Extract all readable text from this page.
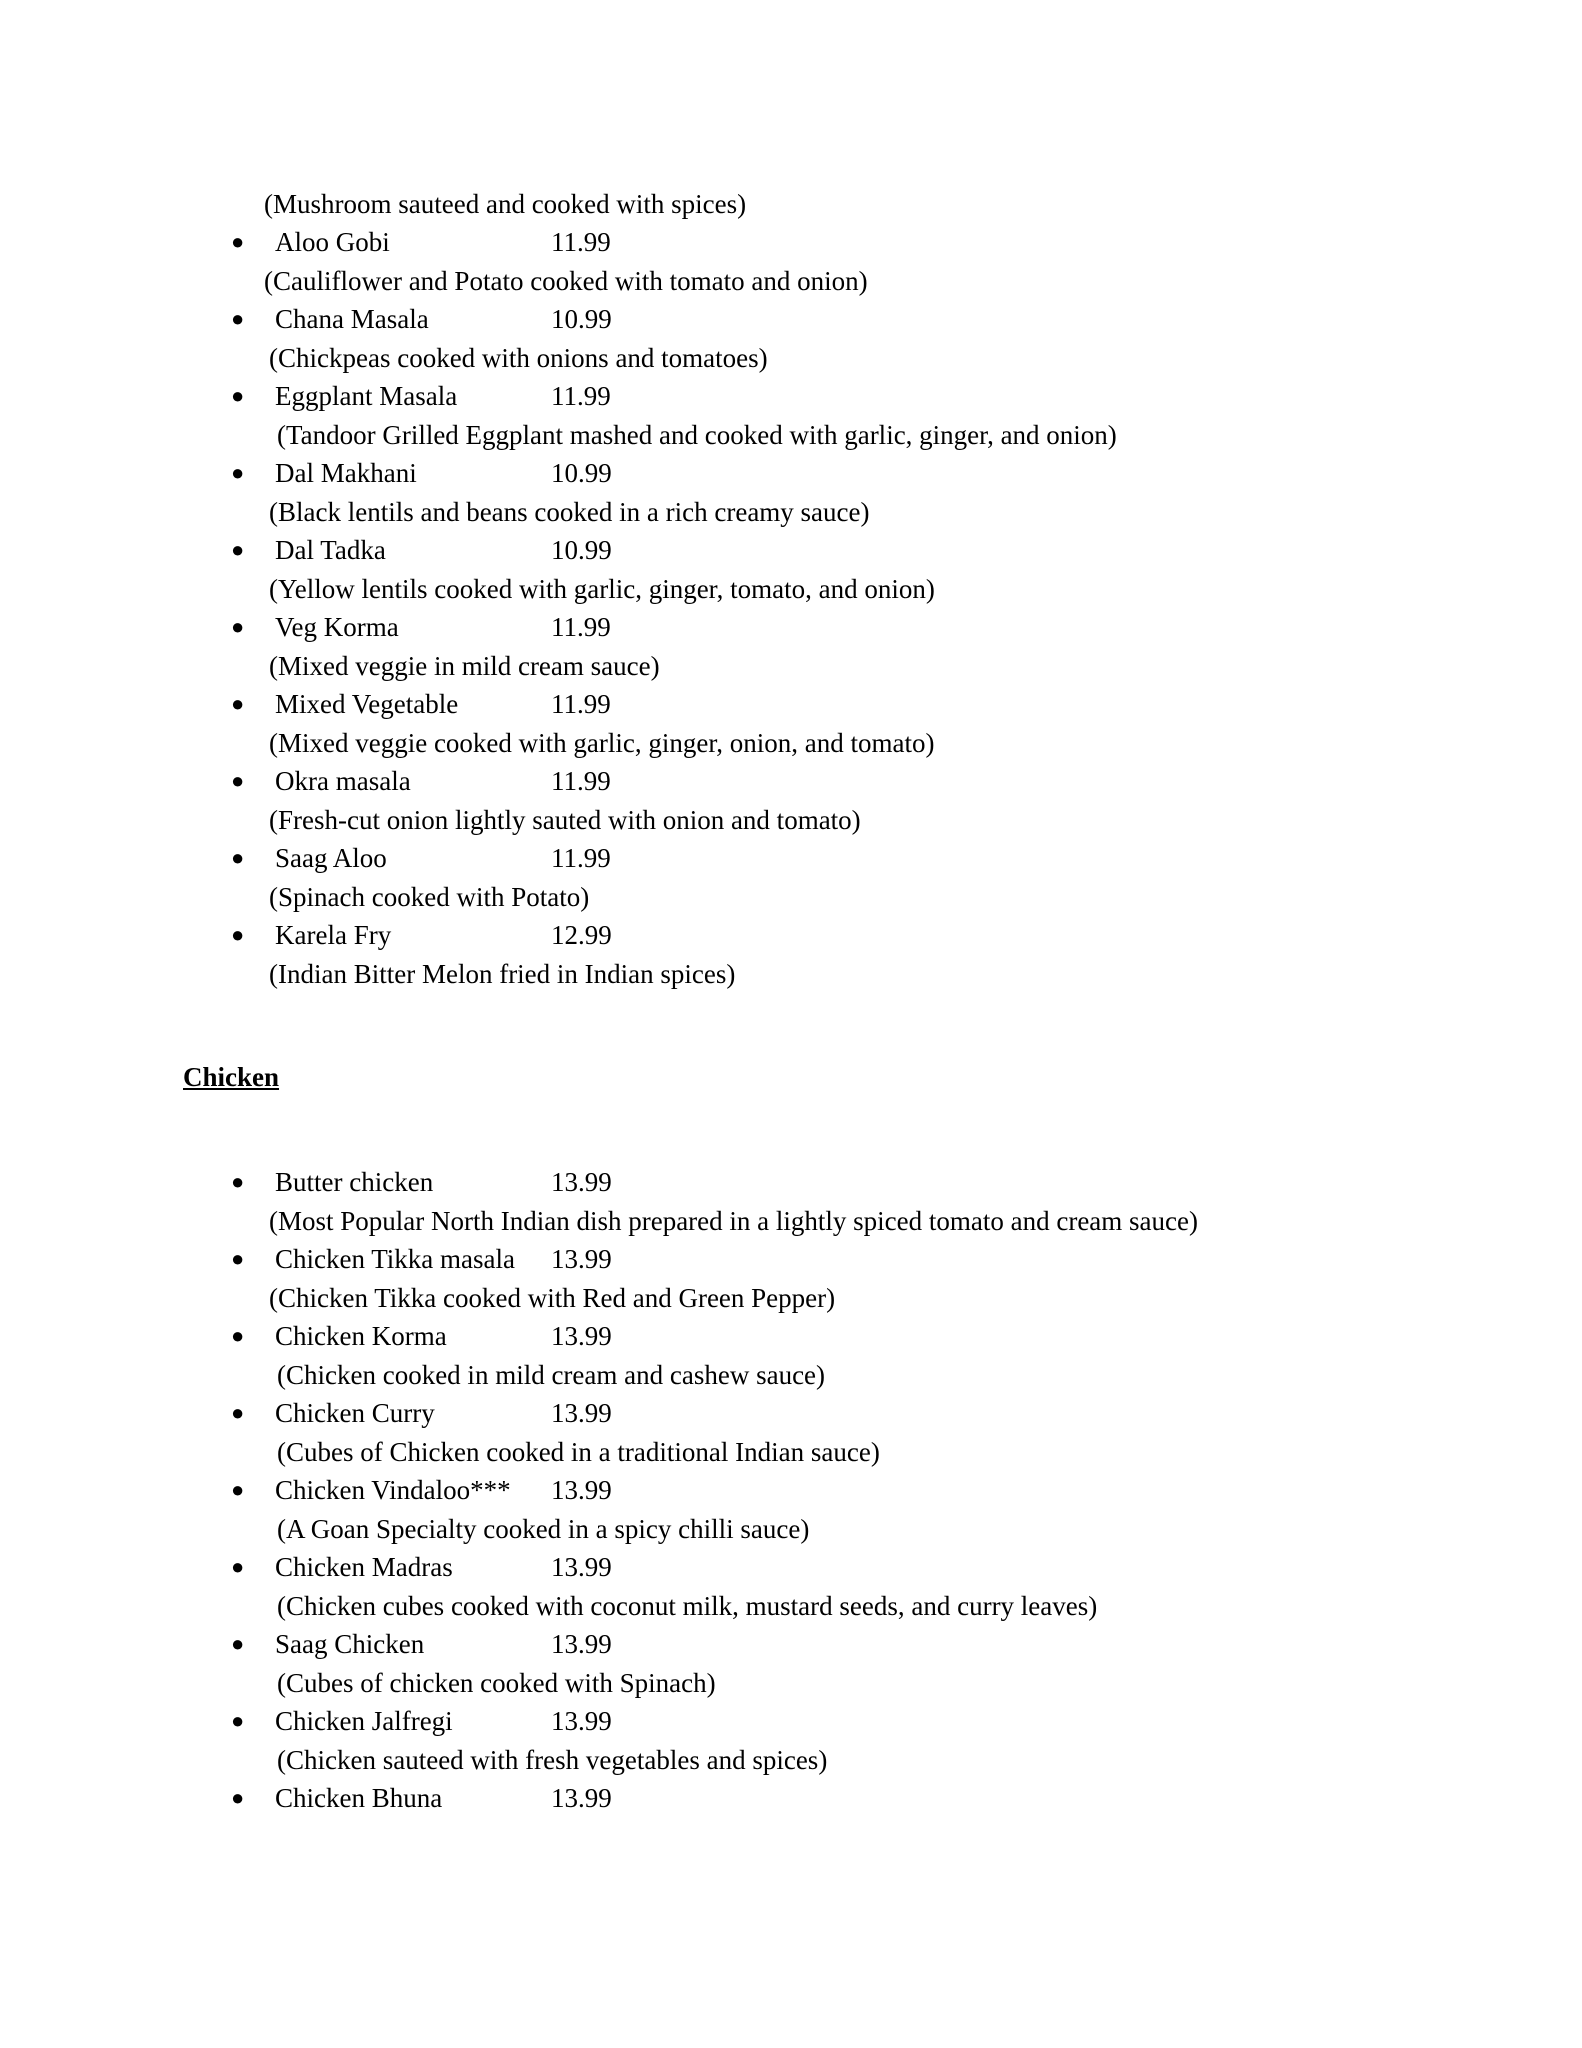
(Mushroom sauteed and cooked with spices)
● Aloo Gobi	11.99
(Cauliflower and Potato cooked with tomato and onion)
● Chana Masala	10.99
(Chickpeas cooked with onions and tomatoes)
● Eggplant Masala	11.99
(Tandoor Grilled Eggplant mashed and cooked with garlic, ginger, and onion)
● Dal Makhani	10.99
(Black lentils and beans cooked in a rich creamy sauce)
● Dal Tadka	10.99
(Yellow lentils cooked with garlic, ginger, tomato, and onion)
● Veg Korma	11.99
(Mixed veggie in mild cream sauce)
● Mixed Vegetable	11.99
(Mixed veggie cooked with garlic, ginger, onion, and tomato)
● Okra masala	11.99
(Fresh-cut onion lightly sauted with onion and tomato)
● Saag Aloo	11.99
(Spinach cooked with Potato)
● Karela Fry	12.99
(Indian Bitter Melon fried in Indian spices)
Chicken
● Butter chicken	13.99
(Most Popular North Indian dish prepared in a lightly spiced tomato and cream sauce)
● Chicken Tikka masala 13.99
(Chicken Tikka cooked with Red and Green Pepper)
● Chicken Korma	13.99
(Chicken cooked in mild cream and cashew sauce)
● Chicken Curry	13.99
(Cubes of Chicken cooked in a traditional Indian sauce)
● Chicken Vindaloo*** 13.99
(A Goan Specialty cooked in a spicy chilli sauce)
● Chicken Madras	13.99
(Chicken cubes cooked with coconut milk, mustard seeds, and curry leaves)
● Saag Chicken	13.99
(Cubes of chicken cooked with Spinach)
● Chicken Jalfregi	13.99
(Chicken sauteed with fresh vegetables and spices)
● Chicken Bhuna	13.99
